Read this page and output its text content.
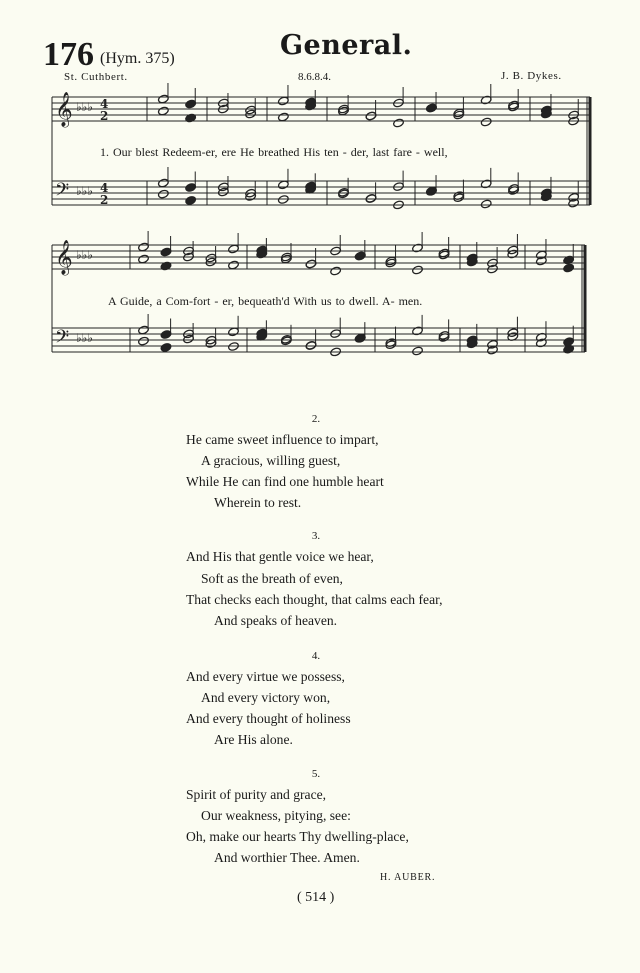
176 (Hym. 375)	General.
St. Cuthbert.	8.6.8.4.	J. B. Dykes.
𝄞 ♭♭♭ 4
2
𝄢 ♭♭♭ 4
2
𝄞 ♭♭♭
𝄢 ♭♭♭
1. Our blest Redeem-er, ere He breathed His ten - der, last fare - well,
A Guide, a Com-fort - er, bequeath'd With us to dwell. A- men.
2.
He came sweet influence to impart,
A gracious, willing guest,
While He can find one humble heart
Wherein to rest.
3.
And His that gentle voice we hear,
Soft as the breath of even,
That checks each thought, that calms each fear,
And speaks of heaven.
4.
And every virtue we possess,
And every victory won,
And every thought of holiness
Are His alone.
5.
Spirit of purity and grace,
Our weakness, pitying, see:
Oh, make our hearts Thy dwelling-place,
And worthier Thee. Amen.
H. AUBER.
( 514 )
